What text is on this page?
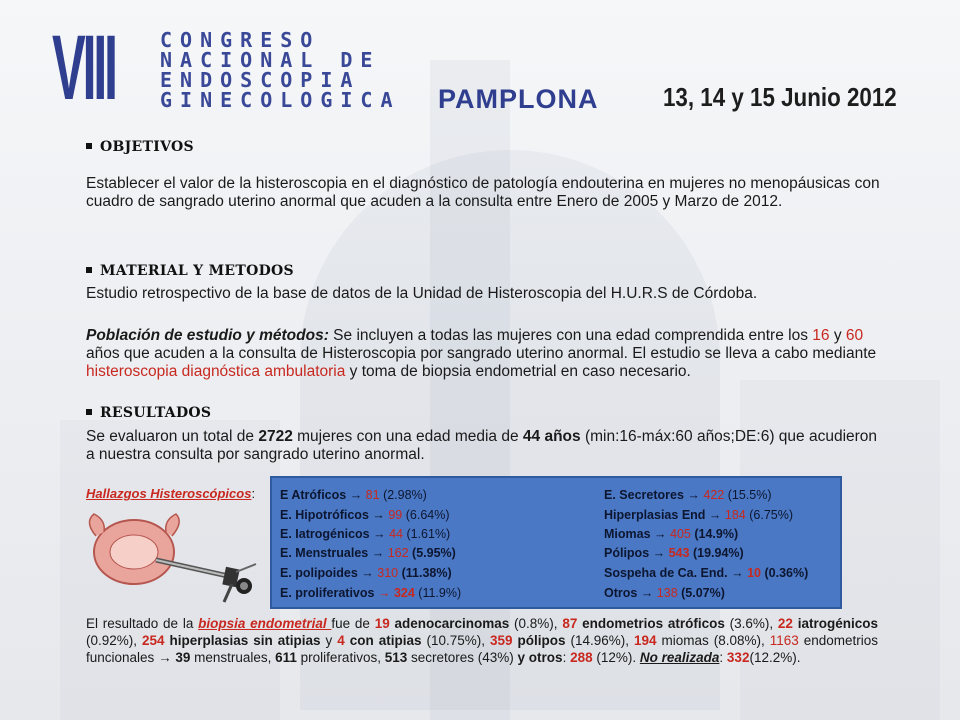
VIII CONGRESO
NACIONAL DE
ENDOSCOPIA
GINECOLOGICA PAMPLONA 13, 14 y 15 Junio 2012
OBJETIVOS
Establecer el valor de la histeroscopia en el diagnóstico de patología endouterina en mujeres no menopáusicas con cuadro de sangrado uterino anormal que acuden a la consulta entre Enero de 2005 y Marzo de 2012.
MATERIAL Y METODOS
Estudio retrospectivo de la base de datos de la Unidad de Histeroscopia del H.U.R.S de Córdoba.
Población de estudio y métodos: Se incluyen a todas las mujeres con una edad comprendida entre los 16 y 60 años que acuden a la consulta de Histeroscopia por sangrado uterino anormal. El estudio se lleva a cabo mediante histeroscopia diagnóstica ambulatoria y toma de biopsia endometrial en caso necesario.
RESULTADOS
Se evaluaron un total de 2722 mujeres con una edad media de 44 años (min:16-máx:60 años;DE:6) que acudieron a nuestra consulta por sangrado uterino anormal.
Hallazgos Histeroscópicos: E Atróficos → 81 (2.98%)
E. Hipotróficos → 99 (6.64%)
E. Iatrogénicos → 44 (1.61%)
E. Menstruales → 162 (5.95%)
E. polipoides → 310 (11.38%)
E. proliferativos → 324 (11.9%)
E. Secretores → 422 (15.5%)
Hiperplasias End → 184 (6.75%)
Miomas → 405 (14.9%)
Pólipos → 543 (19.94%)
Sospeha de Ca. End. → 10 (0.36%)
Otros → 138 (5.07%)
El resultado de la biopsia endometrial fue de 19 adenocarcinomas (0.8%), 87 endometrios atróficos (3.6%), 22 iatrogénicos (0.92%), 254 hiperplasias sin atipias y 4 con atipias (10.75%), 359 pólipos (14.96%), 194 miomas (8.08%), 1163 endometrios funcionales → 39 menstruales, 611 proliferativos, 513 secretores (43%) y otros: 288 (12%). No realizada: 332(12.2%).
